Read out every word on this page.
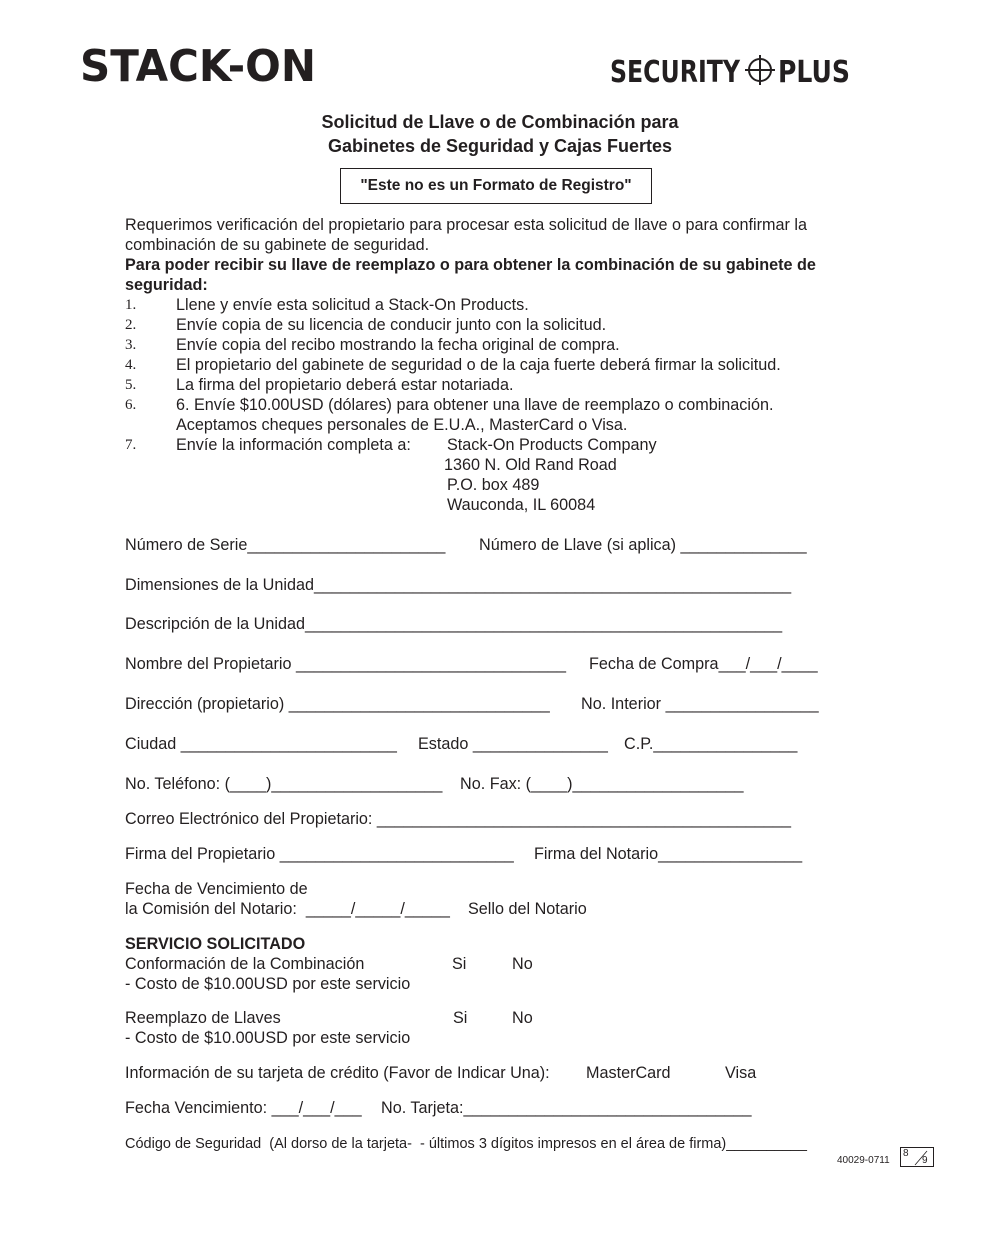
STACK-ON	SECURITY PLUS
Solicitud de Llave o de Combinación para
Gabinetes de Seguridad y Cajas Fuertes
"Este no es un Formato de Registro"
Requerimos verificación del propietario para procesar esta solicitud de llave o para confirmar la
combinación de su gabinete de seguridad.
Para poder recibir su llave de reemplazo o para obtener la combinación de su gabinete de
seguridad:
1. Llene y envíe esta solicitud a Stack-On Products.
2. Envíe copia de su licencia de conducir junto con la solicitud.
3. Envíe copia del recibo mostrando la fecha original de compra.
4. El propietario del gabinete de seguridad o de la caja fuerte deberá firmar la solicitud.
5. La firma del propietario deberá estar notariada.
6. 6. Envíe $10.00USD (dólares) para obtener una llave de reemplazo o combinación.
Aceptamos cheques personales de E.U.A., MasterCard o Visa.
7. Envíe la información completa a: Stack-On Products Company
1360 N. Old Rand Road
P.O. box 489
Wauconda, IL 60084
Número de Serie______________________ Número de Llave (si aplica) ______________
Dimensiones de la Unidad_____________________________________________________
Descripción de la Unidad_____________________________________________________
Nombre del Propietario ______________________________ Fecha de Compra___/___/____
Dirección (propietario) _____________________________ No. Interior _________________
Ciudad ________________________ Estado _______________ C.P.________________
No. Teléfono: (____)___________________ No. Fax: (____)___________________
Correo Electrónico del Propietario: ______________________________________________
Firma del Propietario __________________________ Firma del Notario________________
Fecha de Vencimiento de
la Comisión del Notario:  _____/_____/_____ Sello del Notario
SERVICIO SOLICITADO
Conformación de la Combinación	Si	No
- Costo de $10.00USD por este servicio
Reemplazo de Llaves	Si	No
- Costo de $10.00USD por este servicio
Información de su tarjeta de crédito (Favor de Indicar Una): MasterCard	Visa
Fecha Vencimiento: ___/___/___ No. Tarjeta:________________________________
Código de Seguridad  (Al dorso de la tarjeta-  - últimos 3 dígitos impresos en el área de firma)__________
40029-0711
8
9
